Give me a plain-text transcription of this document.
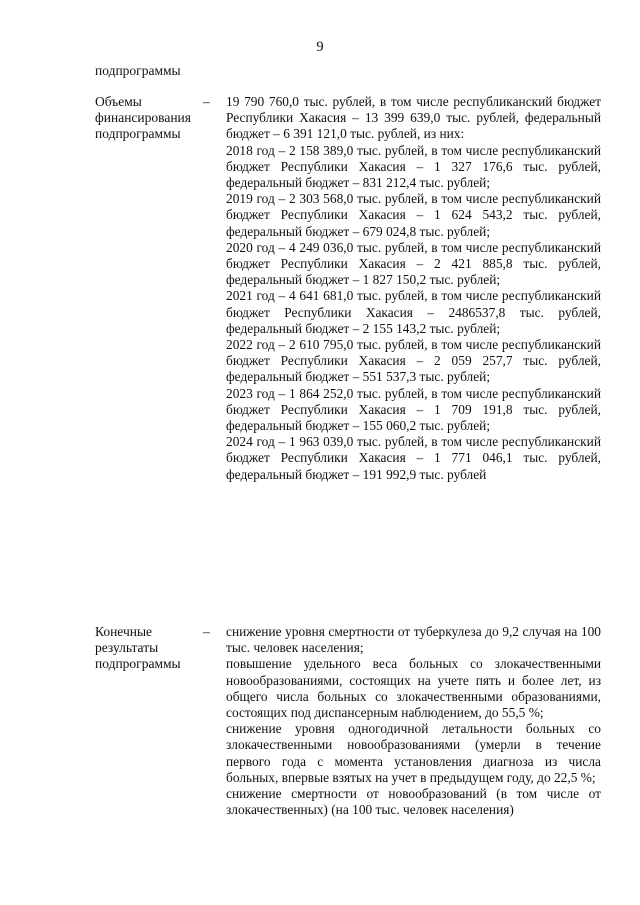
9
подпрограммы
Объемы финансирования подпрограммы
– 19 790 760,0 тыс. рублей, в том числе республиканский бюджет Республики Хакасия – 13 399 639,0 тыс. рублей, федеральный бюджет – 6 391 121,0 тыс. рублей, из них:

2018 год – 2 158 389,0 тыс. рублей, в том числе республиканский бюджет Республики Хакасия – 1 327 176,6 тыс. рублей, федеральный бюджет – 831 212,4 тыс. рублей;

2019 год – 2 303 568,0 тыс. рублей, в том числе республиканский бюджет Республики Хакасия – 1 624 543,2 тыс. рублей, федеральный бюджет – 679 024,8 тыс. рублей;

2020 год – 4 249 036,0 тыс. рублей, в том числе республиканский бюджет Республики Хакасия – 2 421 885,8 тыс. рублей, федеральный бюджет – 1 827 150,2 тыс. рублей;

2021 год – 4 641 681,0 тыс. рублей, в том числе республиканский бюджет Республики Хакасия – 2486537,8 тыс. рублей, федеральный бюджет – 2 155 143,2 тыс. рублей;

2022 год – 2 610 795,0 тыс. рублей, в том числе республиканский бюджет Республики Хакасия – 2 059 257,7 тыс. рублей, федеральный бюджет – 551 537,3 тыс. рублей;

2023 год – 1 864 252,0 тыс. рублей, в том числе республиканский бюджет Республики Хакасия – 1 709 191,8 тыс. рублей, федеральный бюджет – 155 060,2 тыс. рублей;

2024 год – 1 963 039,0 тыс. рублей, в том числе республиканский бюджет Республики Хакасия – 1 771 046,1 тыс. рублей, федеральный бюджет – 191 992,9 тыс. рублей

Конечные результаты подпрограммы
– снижение уровня смертности от туберкулеза до 9,2 случая на 100 тыс. человек населения;

повышение удельного веса больных со злокачественными новообразованиями, состоящих на учете пять и более лет, из общего числа больных со злокачественными образованиями, состоящих под диспансерным наблюдением, до 55,5 %;

снижение уровня одногодичной летальности больных со злокачественными новообразованиями (умерли в течение первого года с момента установления диагноза из числа больных, впервые взятых на учет в предыдущем году, до 22,5 %;

снижение смертности от новообразований (в том числе от злокачественных) (на 100 тыс. человек населения)
